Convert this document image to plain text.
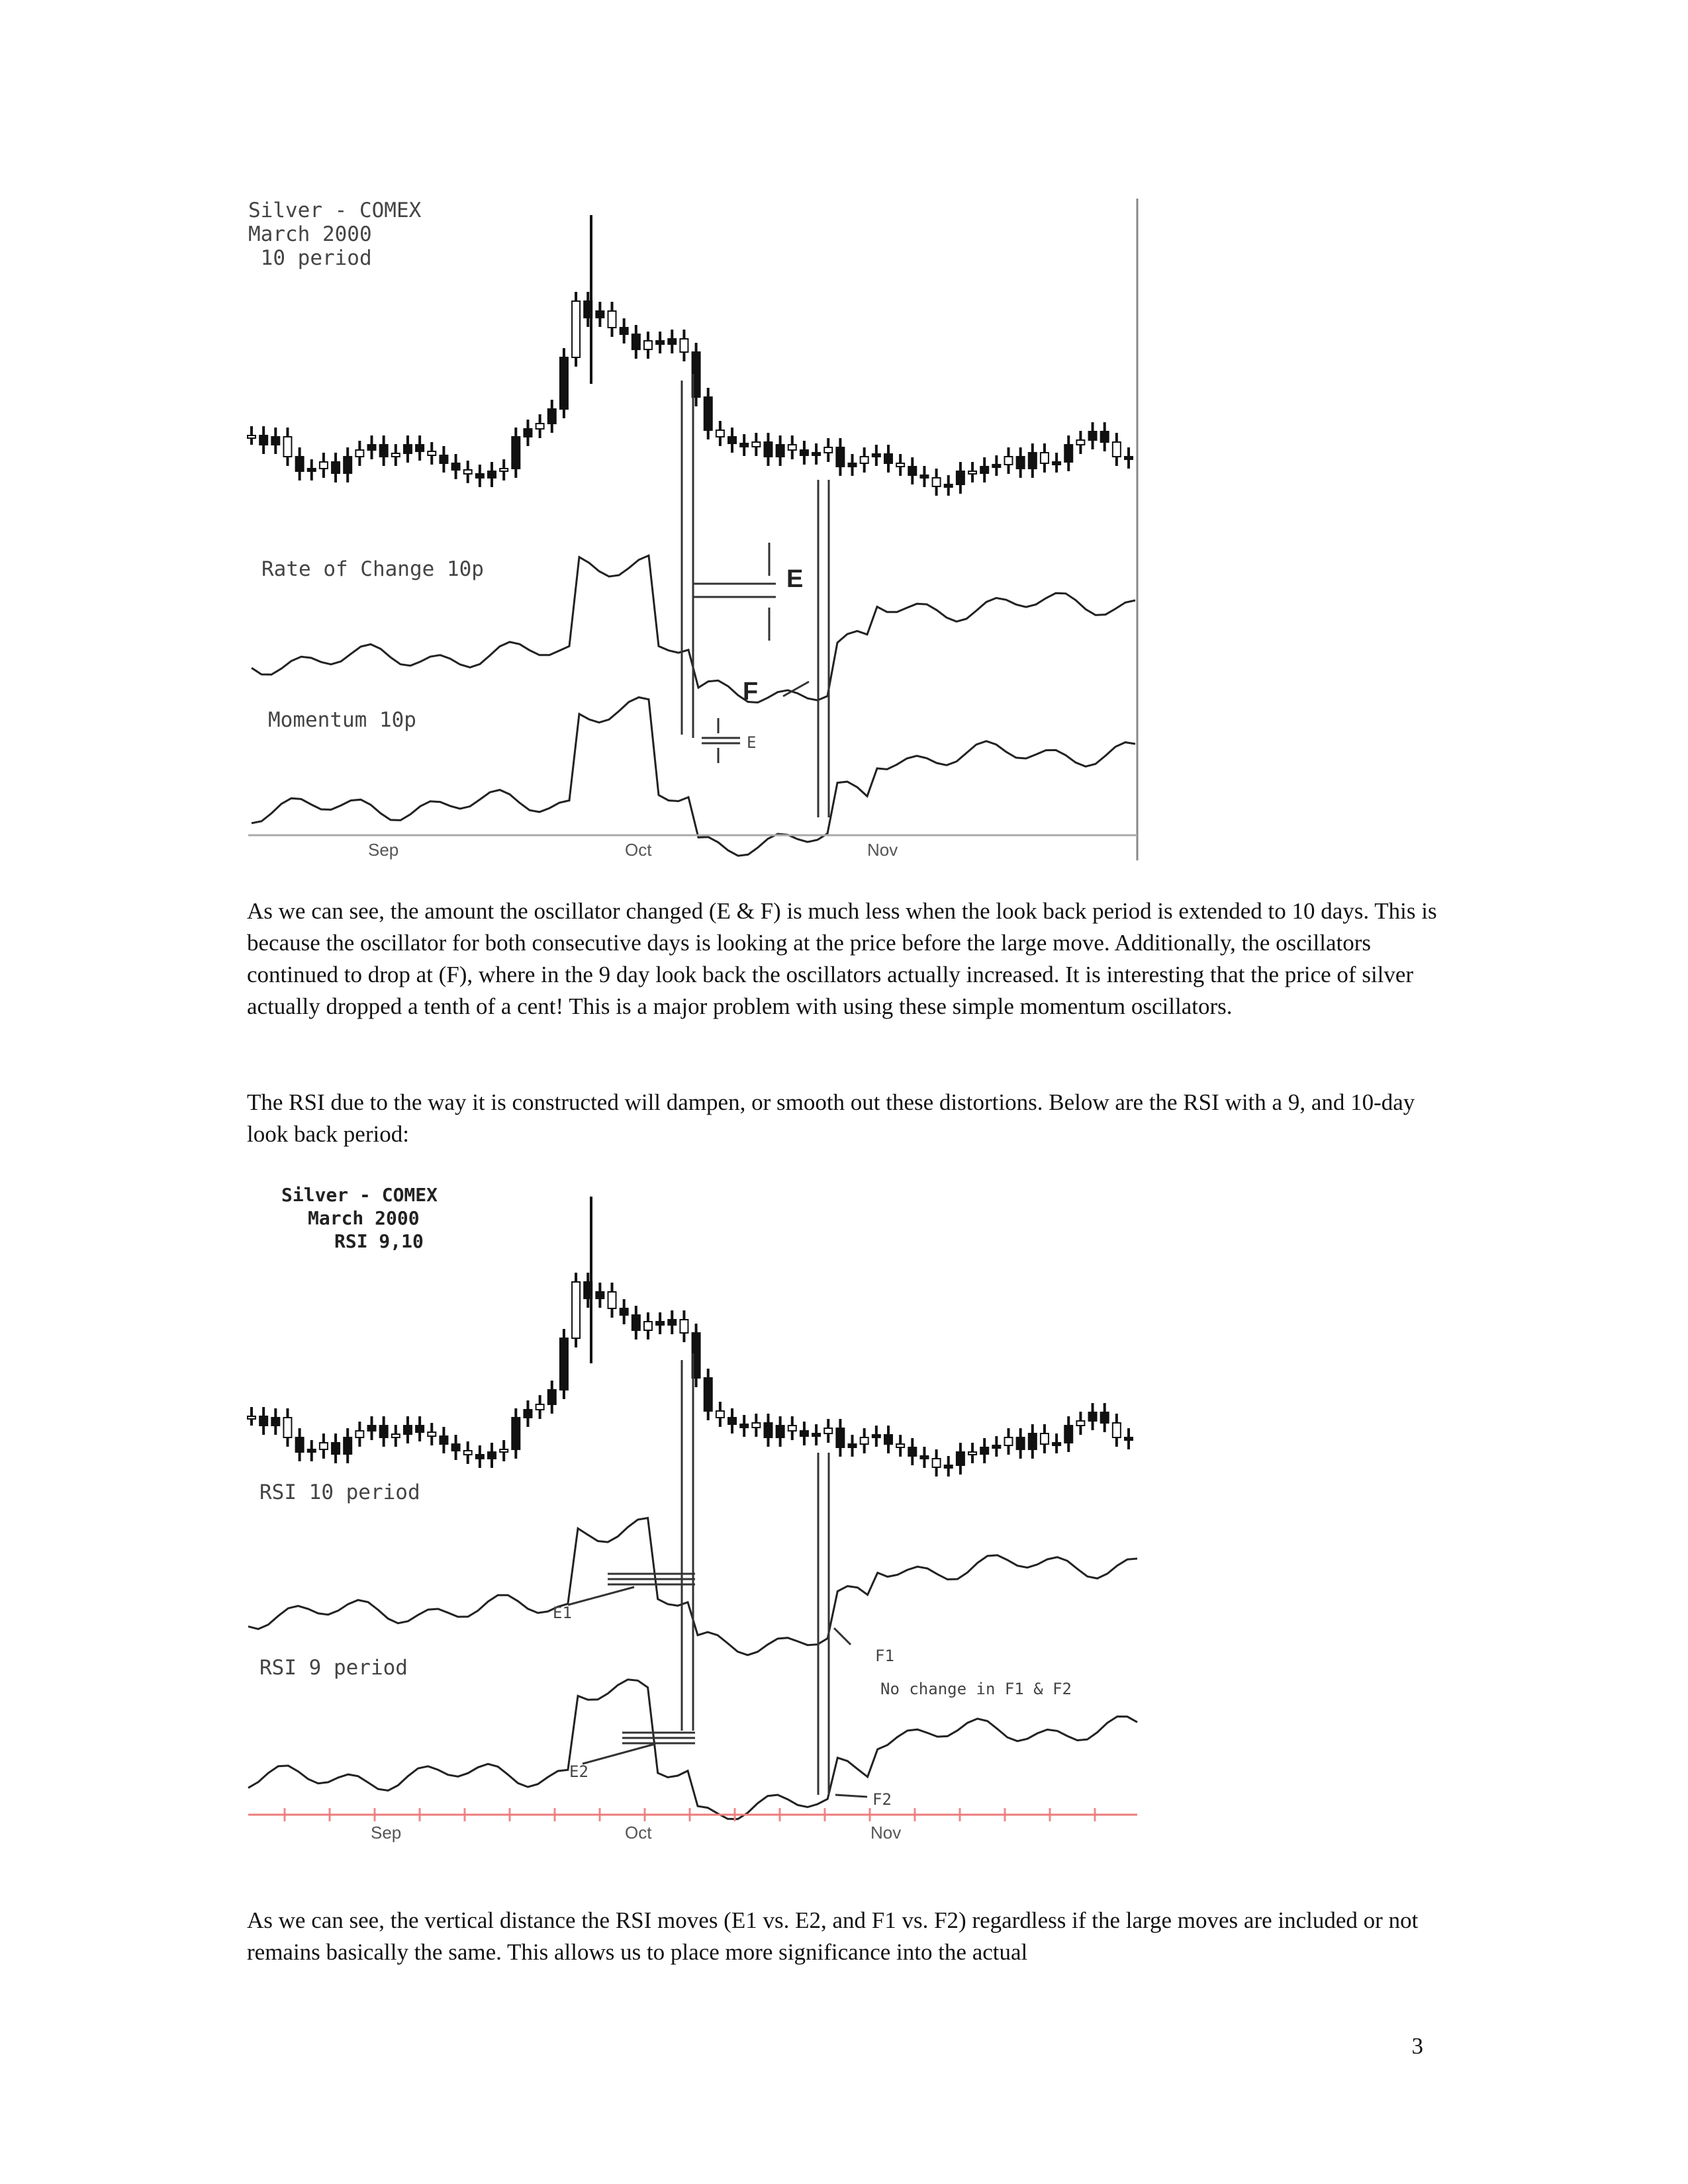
Silver - COMEX
March 2000
10 period
Rate of Change 10p
Momentum 10p
E
F
E
Sep	Oct	Nov

As we can see, the amount the oscillator changed (E & F) is much less when the look back period is extended to 10 days. This is because the oscillator for both consecutive days is looking at the price before the large move. Additionally, the oscillators continued to drop at (F), where in the 9 day look back the oscillators actually increased. It is interesting that the price of silver actually dropped a tenth of a cent! This is a major problem with using these simple momentum oscillators.

The RSI due to the way it is constructed will dampen, or smooth out these distortions. Below are the RSI with a 9, and 10-day look back period:

Silver - COMEX
March 2000
RSI 9,10
RSI 10 period
RSI 9 period
E1
F1
No change in F1 & F2
E2
F2
Sep	Oct	Nov

As we can see, the vertical distance the RSI moves (E1 vs. E2, and F1 vs. F2) regardless if the large moves are included or not remains basically the same. This allows us to place more significance into the actual

3
